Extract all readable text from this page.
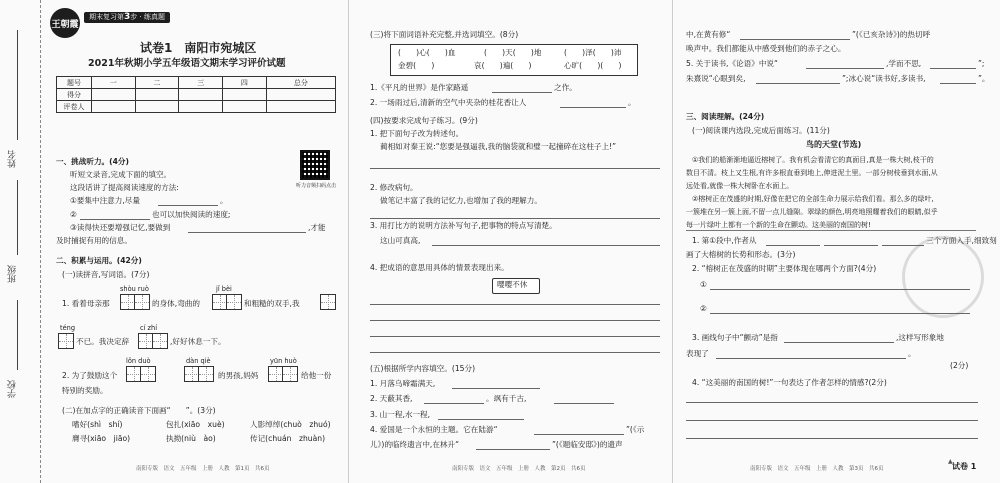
姓名
班级
学校
王朝霞
期末复习第3步 · 练真题
试卷1　南阳市宛城区
2021年秋期小学五年级语文期末学习评价试题
题号	一	二	三	四	总分
得分					
评卷人					
一、挑战听力。(4分)
听力音频扫码点击
听短文录音,完成下面的填空。
这段话讲了提高阅读速度的方法:
①要集中注意力,尽量	。
②	也可以加快阅读的速度;
③读得快还要增强记忆,要做到	,才能
及时捕捉有用的信息。
二、积累与运用。(42分)
(一)读拼音,写词语。(7分)
shòu ruò	jǐ bèi
1. 看着母亲那	的身体,弯曲的	和粗糙的双手,我
téng	cí zhí
不已。我决定辞	,好好休息一下。
lǒn duò	dàn qiè	yūn huò
2. 为了鼓励这个	的男孩,妈妈	给他一份
特别的奖励。
(二)在加点字的正确读音下面画“　　”。(3分)
嗜好(shì　shí)	包扎(xiāo　xuè)	人影绰绰(chuò　zhuó)
膺寻(xiāo　jiāo)	执拗(niù　ào)	传记(chuán　zhuàn)
南阳专版　语文　五年级　上册　人教　第1页　共6页
(三)将下面词语补充完整,并选词填空。(8分)
(　　)心(　　)血	(　　)天(　　)地	(　　)泽(　　)沛
金碧(　　)	哀(　　)遍(　　)	心旷(　　)(　　)
1.《平凡的世界》是作家路遥	之作。
2. 一场雨过后,清新的空气中夹杂的桂花香让人	。
(四)按要求完成句子练习。(9分)
1. 把下面句子改为转述句。
蔺相如对秦王说:“您要是强逼我,我的脑袋就和璧一起撞碎在这柱子上!”
2. 修改病句。
做笔记丰富了我的记忆力,也增加了我的理解力。
3. 用打比方的说明方法补写句子,把事物的特点写清楚。
这山可真高,
4. 把成语的意思用具体的情景表现出来。
嘤嘤不休
(五)根据所学内容填空。(15分)
1. 月落乌啼霜满天,
2. 天蔽其香,	。飒有千古,
3. 山一程,水一程,
4. 爱国是一个永恒的主题。它在陆游“	”(《示
儿》)的临终遗言中,在林升“	”(《题临安邸》)的遗声
南阳专版　语文　五年级　上册　人教　第2页　共6页
中,在黄有修“	”(《已亥杂诗》)的热切呼
唤声中。我们都能从中感受到他们的赤子之心。
5. 关于读书,《论语》中说“	,学而不思,	”;
朱熹说“心眼到矣,	”;冰心说“读书好,多读书,	”。
三、阅读理解。(24分)
(一)阅读课内选段,完成后面练习。(11分)
鸟的天堂(节选)
①我们的船渐渐地逼近榕树了。我有机会看清它的真面目,真是一株大树,枝干的
数目不清。枝上又生根,有许多根直垂到地上,伸进泥土里。一部分树枝垂到水面,从
远处看,就像一株大树卧在水面上。
②榕树正在茂盛的时期,好像在把它的全部生命力展示给我们看。那么多的绿叶,
一簇堆在另一簇上面,不留一点儿缝隙。翠绿的颜色,明亮地照耀着我们的眼睛,似乎
每一片绿叶上都有一个新的生命在颤动。这美丽的南国的树!
1. 第①段中,作者从	三个方面入手,细致刻
画了大榕树的长势和形态。(3分)
2. “榕树正在茂盛的时期”主要体现在哪两个方面?(4分)
①
②
3. 画线句子中“颤动”是指	,这样写形象地
表现了	。
(2分)
4. “这美丽的南国的树!”一句表达了作者怎样的情感?(2分)
南阳专版　语文　五年级　上册　人教　第3页　共6页
▲
试卷 1
